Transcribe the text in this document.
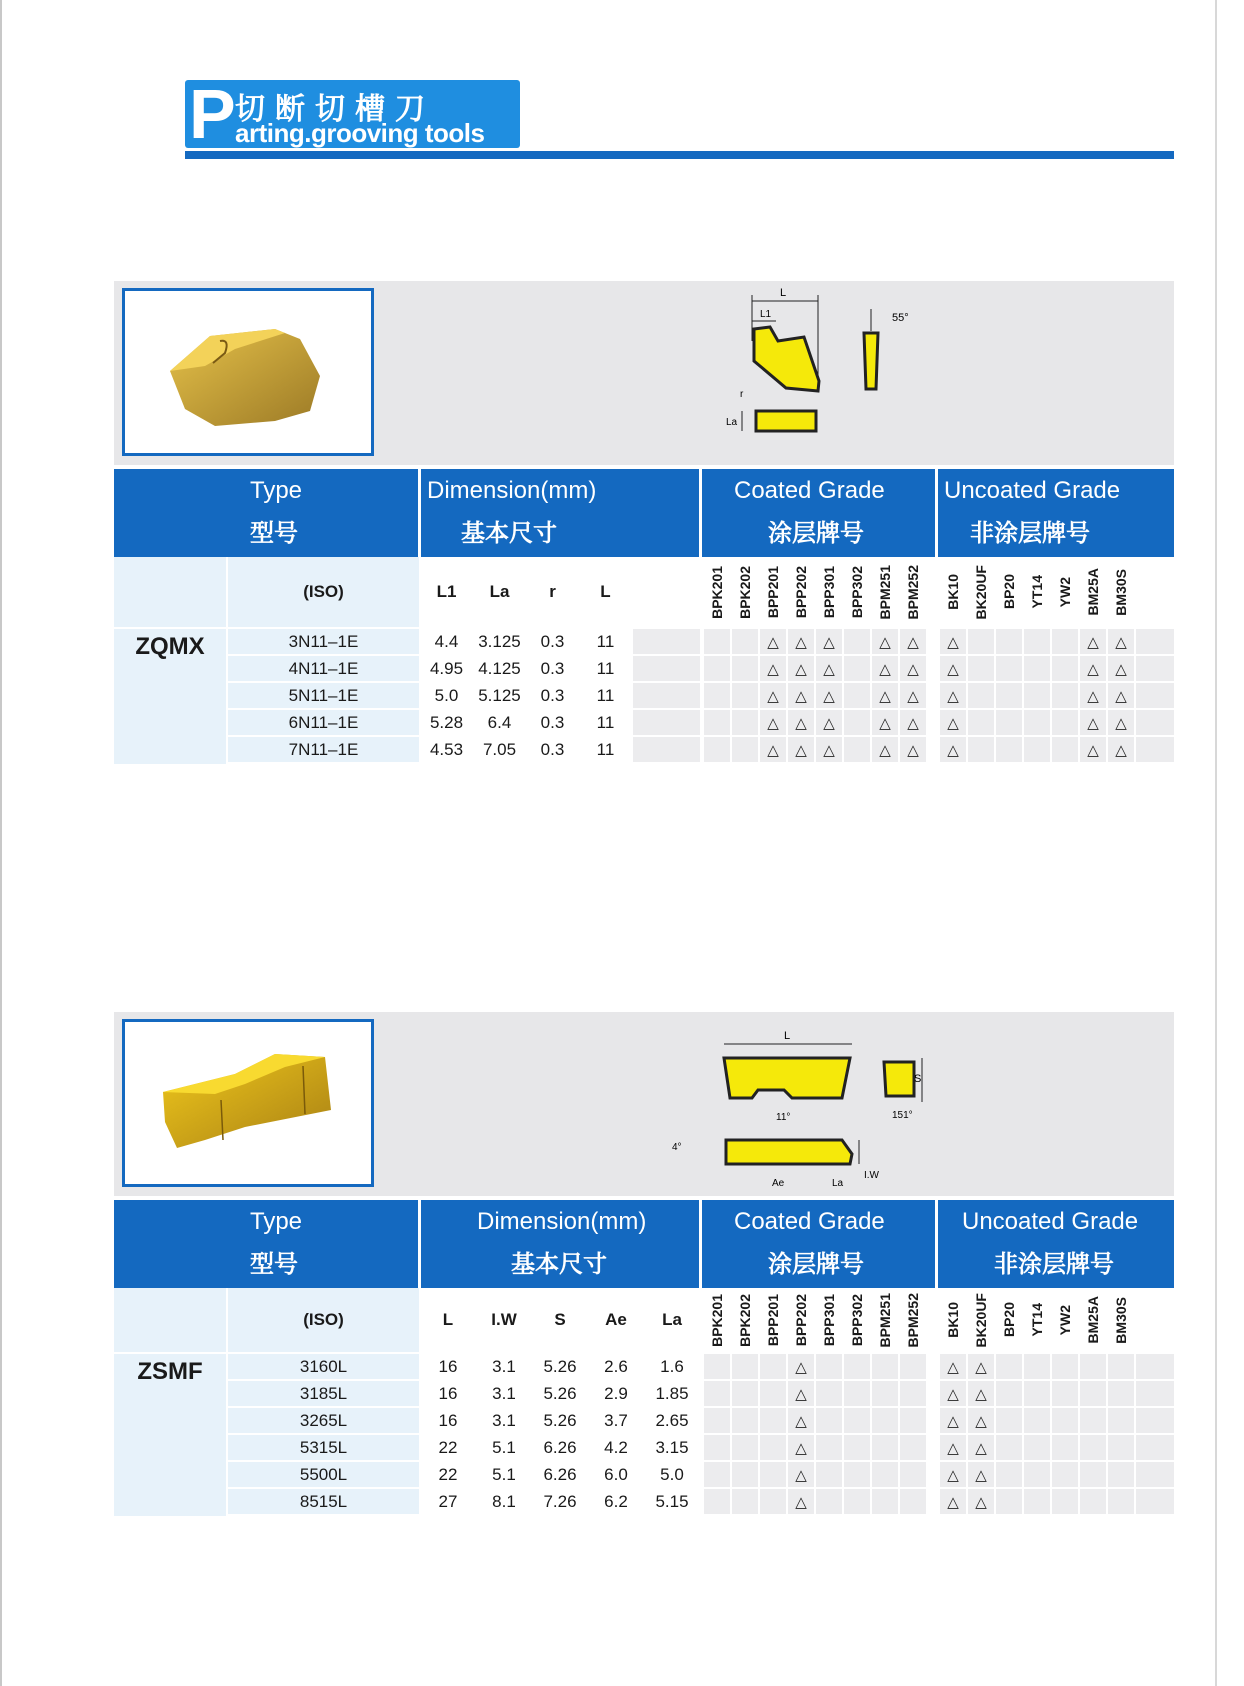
P 切断切槽刀
arting.grooving tools
L
L1	55°
r
La
Type
型号
Dimension(mm)
基本尺寸
Coated Grade
涂层牌号
Uncoated Grade
非涂层牌号
ZQMX
(ISO)
3N11–1E
4N11–1E
5N11–1E
6N11–1E
7N11–1E
L1
4.4
4.95
5.0
5.28
4.53
La
3.125
4.125
5.125
6.4
7.05
r
0.3
0.3
0.3
0.3
0.3
L
11
11
11
11
11
BPK201 BPK202 BPP201
△
△
△
△
△
BPP202
△
△
△
△
△
BPP301
△
△
△
△
△
BPP302 BPM251
△
△
△
△
△
BPM252
△
△
△
△
△
BK10
△
△
△
△
△
BK20UF BP20 YT14 YW2 BM25A
△
△
△
△
△
BM30S
△
△
△
△
△
L
11°
S
151°
4°
Ae	La
I.W
Type
型号
Dimension(mm)
基本尺寸
Coated Grade
涂层牌号
Uncoated Grade
非涂层牌号
ZSMF
(ISO)
3160L
3185L
3265L
5315L
5500L
8515L
L
16
16
16
22
22
27
I.W
3.1
3.1
3.1
5.1
5.1
8.1
S
5.26
5.26
5.26
6.26
6.26
7.26
Ae
2.6
2.9
3.7
4.2
6.0
6.2
La
1.6
1.85
2.65
3.15
5.0
5.15
BPK201 BPK202 BPP201 BPP202
△
△
△
△
△
△
BPP301 BPP302 BPM251 BPM252 BK10
△
△
△
△
△
△
BK20UF
△
△
△
△
△
△
BP20 YT14 YW2 BM25A BM30S
